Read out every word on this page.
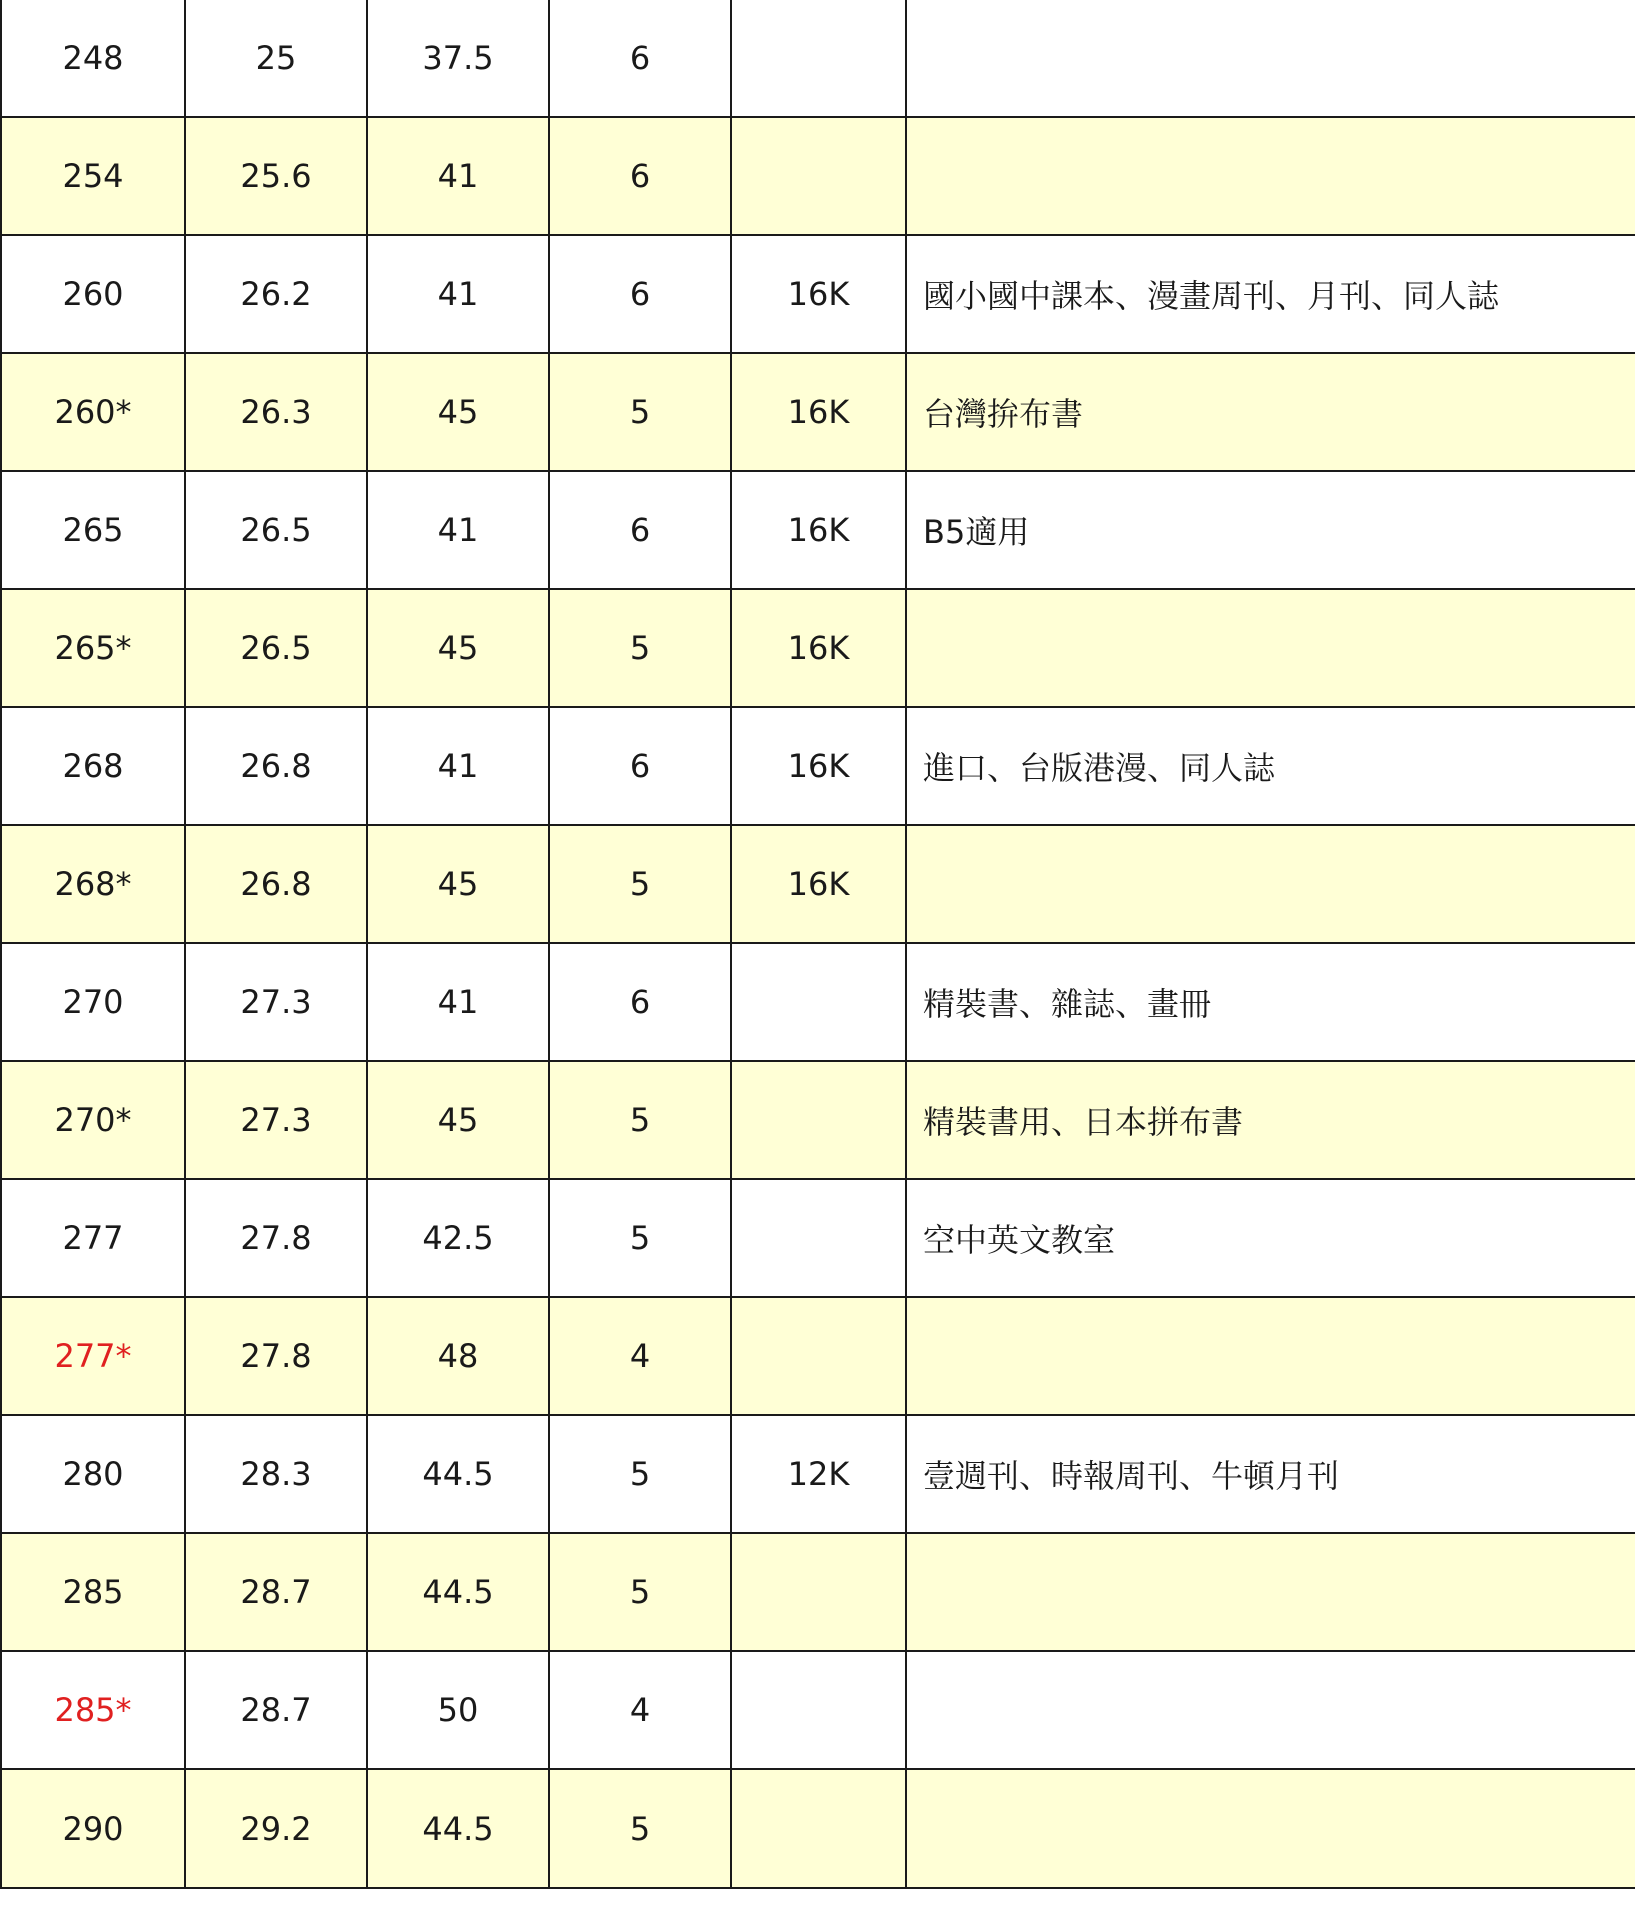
248	25	37.5	6		
254	25.6	41	6		
260	26.2	41	6	16K	國小國中課本、漫畫周刊、月刊、同人誌
260*	26.3	45	5	16K	台灣拚布書
265	26.5	41	6	16K	B5適用
265*	26.5	45	5	16K	
268	26.8	41	6	16K	進口、台版港漫、同人誌
268*	26.8	45	5	16K	
270	27.3	41	6		精裝書、雜誌、畫冊
270*	27.3	45	5		精裝書用、日本拼布書
277	27.8	42.5	5		空中英文教室
277*	27.8	48	4		
280	28.3	44.5	5	12K	壹週刊、時報周刊、牛頓月刊
285	28.7	44.5	5		
285*	28.7	50	4		
290	29.2	44.5	5		
